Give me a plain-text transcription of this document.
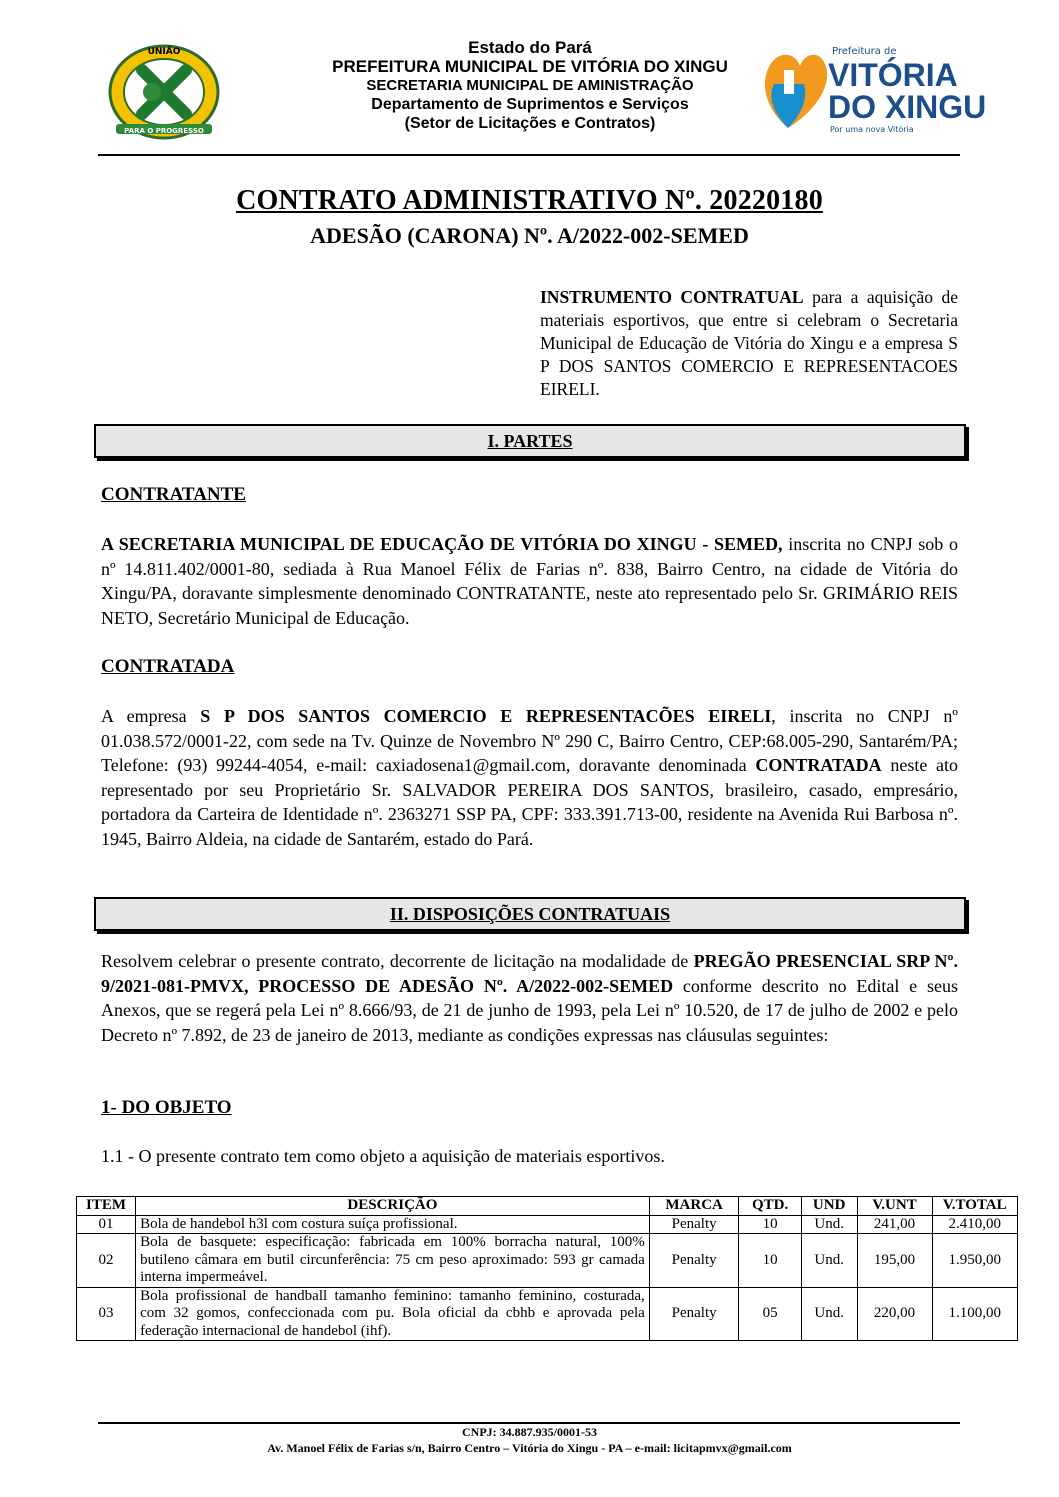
UNIÃO
PARA O PROGRESSO
Estado do Pará
PREFEITURA MUNICIPAL DE VITÓRIA DO XINGU
SECRETARIA MUNICIPAL DE AMINISTRAÇÃO
Departamento de Suprimentos e Serviços
(Setor de Licitações e Contratos)
Prefeitura de
VITÓRIA
DO XINGU
Por uma nova Vitória
CONTRATO ADMINISTRATIVO Nº. 20220180
ADESÃO (CARONA) Nº. A/2022-002-SEMED
INSTRUMENTO CONTRATUAL para a aquisição de materiais esportivos, que entre si celebram o Secretaria Municipal de Educação de Vitória do Xingu e a empresa S P DOS SANTOS COMERCIO E REPRESENTACOES EIRELI.
I. PARTES
CONTRATANTE
A SECRETARIA MUNICIPAL DE EDUCAÇÃO DE VITÓRIA DO XINGU - SEMED, inscrita no CNPJ sob o nº 14.811.402/0001-80, sediada à Rua Manoel Félix de Farias nº. 838, Bairro Centro, na cidade de Vitória do Xingu/PA, doravante simplesmente denominado CONTRATANTE, neste ato representado pelo Sr. GRIMÁRIO REIS NETO, Secretário Municipal de Educação.
CONTRATADA
A empresa S P DOS SANTOS COMERCIO E REPRESENTACÕES EIRELI, inscrita no CNPJ nº 01.038.572/0001-22, com sede na Tv. Quinze de Novembro Nº 290 C, Bairro Centro, CEP:68.005-290, Santarém/PA; Telefone: (93) 99244-4054, e-mail: caxiadosena1@gmail.com, doravante denominada CONTRATADA neste ato representado por seu Proprietário Sr. SALVADOR PEREIRA DOS SANTOS, brasileiro, casado, empresário, portadora da Carteira de Identidade nº. 2363271 SSP PA, CPF: 333.391.713-00, residente na Avenida Rui Barbosa nº. 1945, Bairro Aldeia, na cidade de Santarém, estado do Pará.
II. DISPOSIÇÕES CONTRATUAIS
Resolvem celebrar o presente contrato, decorrente de licitação na modalidade de PREGÃO PRESENCIAL SRP Nº. 9/2021-081-PMVX, PROCESSO DE ADESÃO Nº. A/2022-002-SEMED conforme descrito no Edital e seus Anexos, que se regerá pela Lei nº 8.666/93, de 21 de junho de 1993, pela Lei nº 10.520, de 17 de julho de 2002 e pelo Decreto nº 7.892, de 23 de janeiro de 2013, mediante as condições expressas nas cláusulas seguintes:
1- DO OBJETO
1.1 - O presente contrato tem como objeto a aquisição de materiais esportivos.
ITEM	DESCRIÇÃO	MARCA	QTD.	UND	V.UNT	V.TOTAL
01	Bola de handebol h3l com costura suíça profissional.	Penalty	10	Und.	241,00	2.410,00
02	Bola de basquete: especificação: fabricada em 100% borracha natural, 100% butileno câmara em butil circunferência: 75 cm peso aproximado: 593 gr camada interna impermeável.	Penalty	10	Und.	195,00	1.950,00
03	Bola profissional de handball tamanho feminino: tamanho feminino, costurada, com 32 gomos, confeccionada com pu. Bola oficial da cbhb e aprovada pela federação internacional de handebol (ihf).	Penalty	05	Und.	220,00	1.100,00
CNPJ: 34.887.935/0001-53
Av. Manoel Félix de Farias s/n, Bairro Centro – Vitória do Xingu - PA – e-mail: licitapmvx@gmail.com
